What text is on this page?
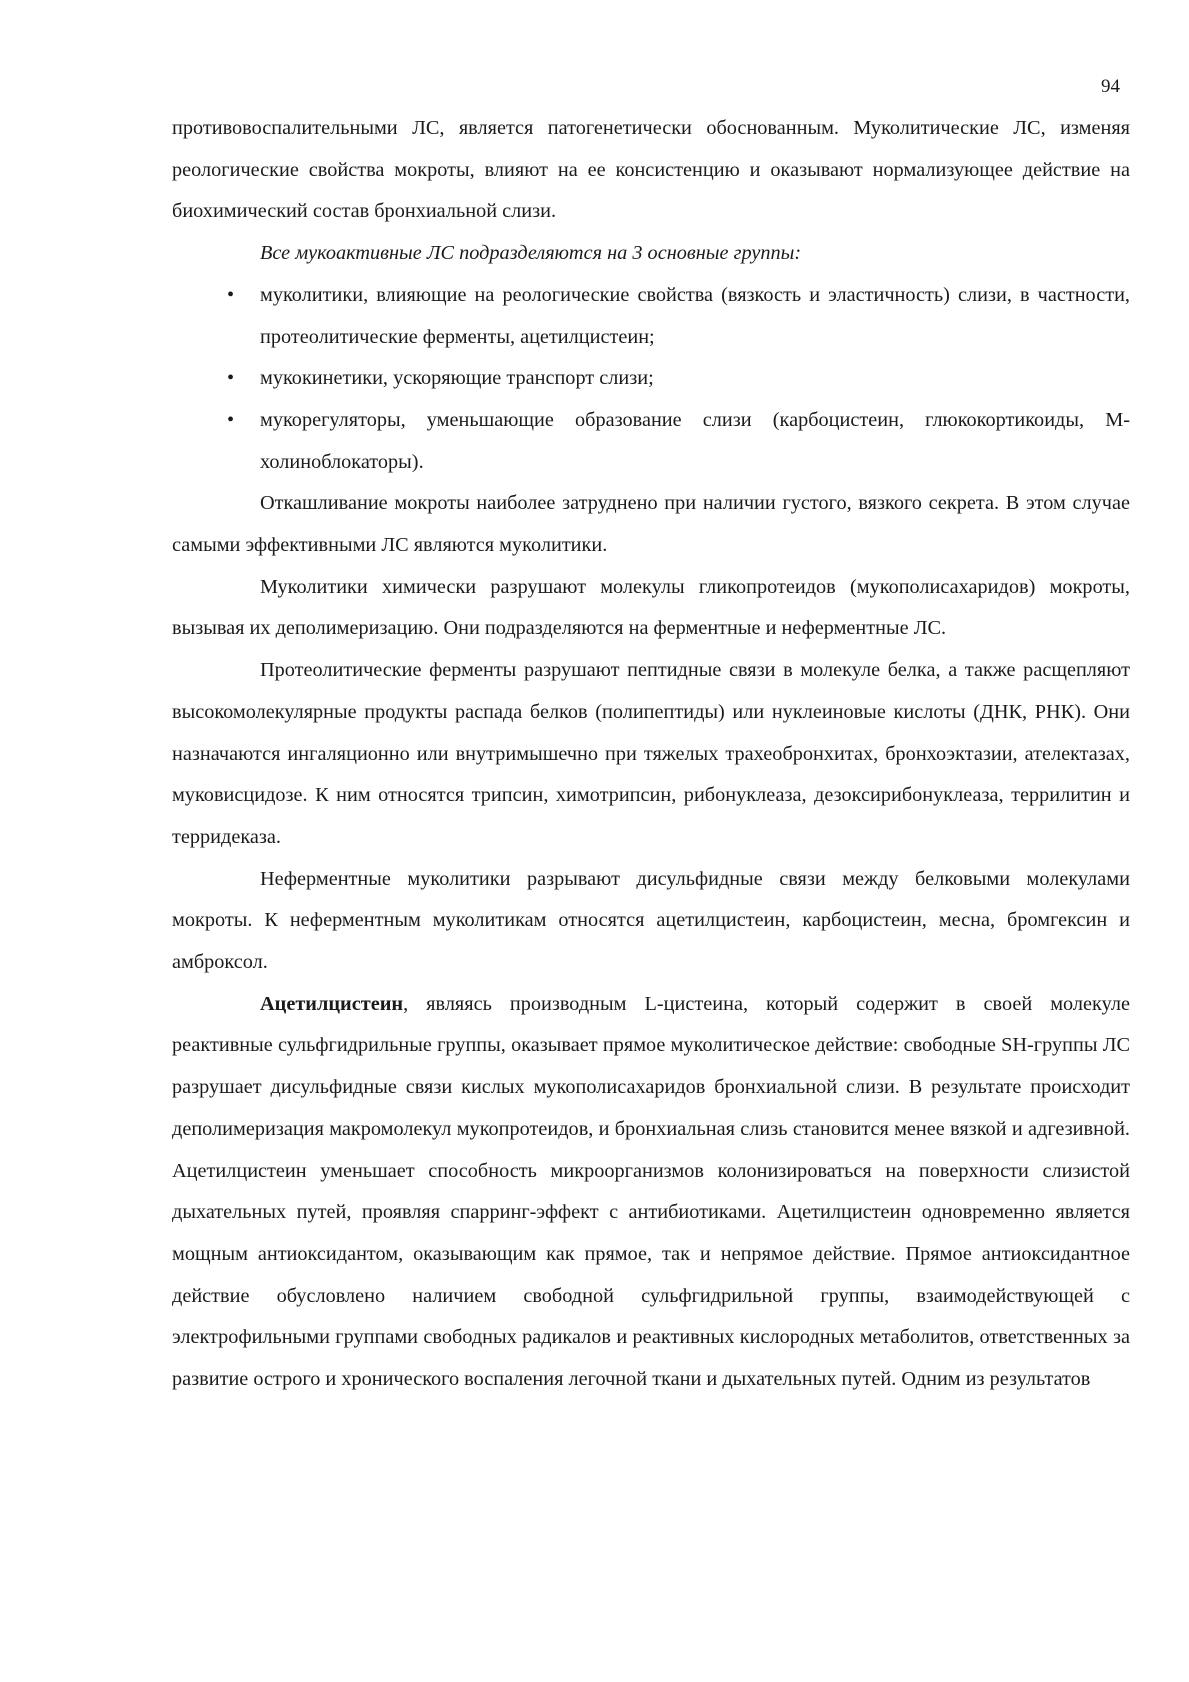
94

противовоспалительными ЛС, является патогенетически обоснованным. Муколитические ЛС, изменяя реологические свойства мокроты, влияют на ее консистенцию и оказывают нормализующее действие на биохимический состав бронхиальной слизи.

Все мукоактивные ЛС подразделяются на 3 основные группы:

• муколитики, влияющие на реологические свойства (вязкость и эластичность) слизи, в частности, протеолитические ферменты, ацетилцистеин;
• мукокинетики, ускоряющие транспорт слизи;
• мукорегуляторы, уменьшающие образование слизи (карбоцистеин, глюкокортикоиды, М-холиноблокаторы).

Откашливание мокроты наиболее затруднено при наличии густого, вязкого секрета. В этом случае самыми эффективными ЛС являются муколитики.

Муколитики химически разрушают молекулы гликопротеидов (мукополисахаридов) мокроты, вызывая их деполимеризацию. Они подразделяются на ферментные и неферментные ЛС.

Протеолитические ферменты разрушают пептидные связи в молекуле белка, а также расщепляют высокомолекулярные продукты распада белков (полипептиды) или нуклеиновые кислоты (ДНК, РНК). Они назначаются ингаляционно или внутримышечно при тяжелых трахеобронхитах, бронхоэктазии, ателектазах, муковисцидозе. К ним относятся трипсин, химотрипсин, рибонуклеаза, дезоксирибонуклеаза, террилитин и терридеказа.

Неферментные муколитики разрывают дисульфидные связи между белковыми молекулами мокроты. К неферментным муколитикам относятся ацетилцистеин, карбоцистеин, месна, бромгексин и амброксол.

Ацетилцистеин, являясь производным L-цистеина, который содержит в своей молекуле реактивные сульфгидрильные группы, оказывает прямое муколитическое действие: свободные SH-группы ЛС разрушает дисульфидные связи кислых мукополисахаридов бронхиальной слизи. В результате происходит деполимеризация макромолекул мукопротеидов, и бронхиальная слизь становится менее вязкой и адгезивной. Ацетилцистеин уменьшает способность микроорганизмов колонизироваться на поверхности слизистой дыхательных путей, проявляя спарринг-эффект с антибиотиками. Ацетилцистеин одновременно является мощным антиоксидантом, оказывающим как прямое, так и непрямое действие. Прямое антиоксидантное действие обусловлено наличием свободной сульфгидрильной группы, взаимодействующей с электрофильными группами свободных радикалов и реактивных кислородных метаболитов, ответственных за развитие острого и хронического воспаления легочной ткани и дыхательных путей. Одним из результатов
